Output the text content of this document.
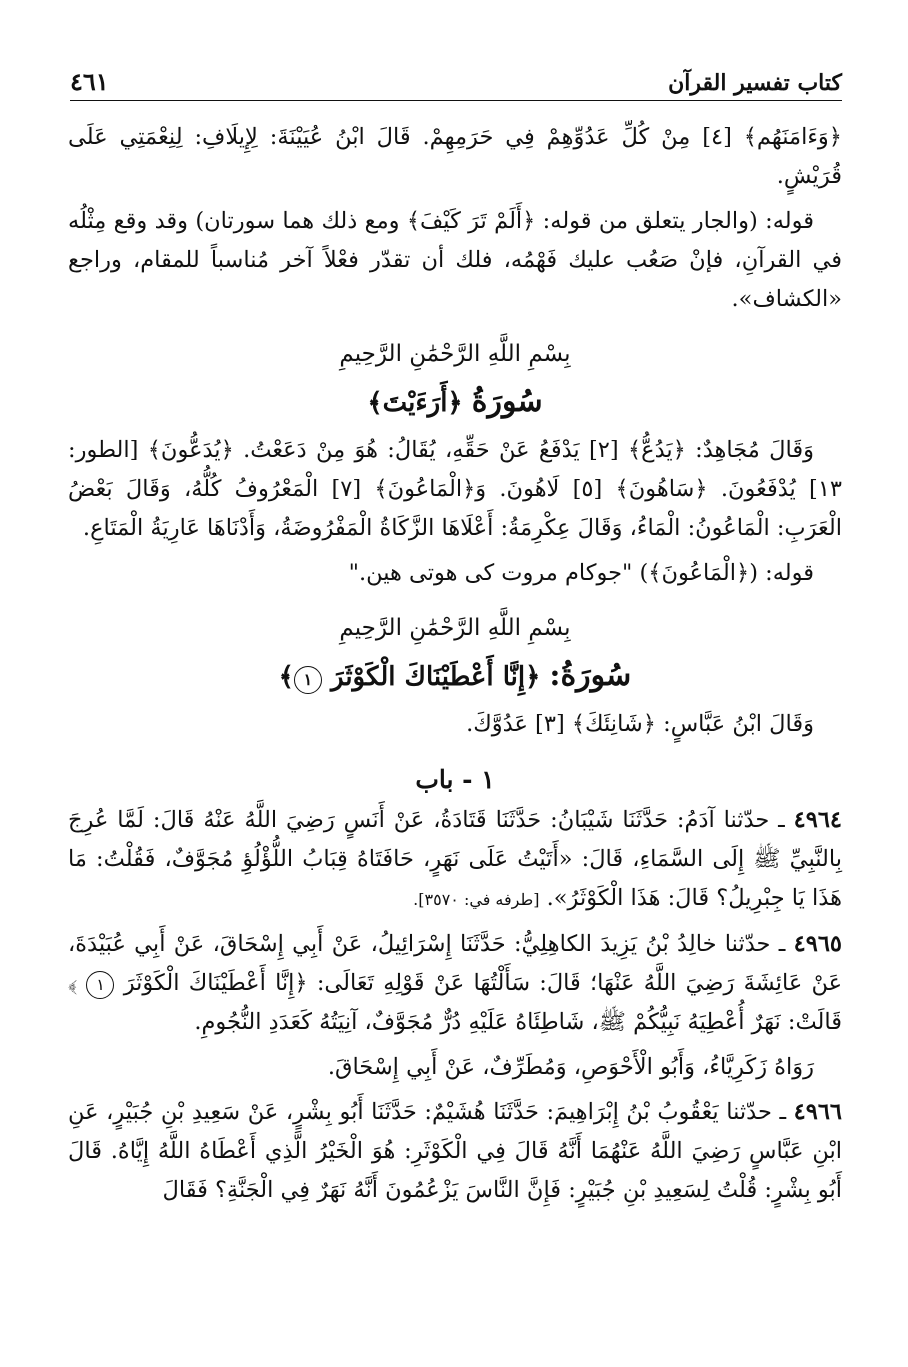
كتاب تفسير القرآن
٤٦١

﴿وَءَامَنَهُم﴾ [٤] مِنْ كُلِّ عَدُوِّهِمْ فِي حَرَمِهِمْ. قَالَ ابْنُ عُيَيْنَةَ: لِإِيلَافِ: لِنِعْمَتِي عَلَى قُرَيْشٍ.

قوله: (والجار يتعلق من قوله: ﴿أَلَمْ تَرَ كَيْفَ﴾ ومع ذلك هما سورتان) وقد وقع مِثْلُه في القرآنِ، فإنْ صَعُب عليك فَهْمُه، فلك أن تقدّر فعْلاً آخر مُناسباً للمقام، وراجع «الكشاف».

بِسْمِ اللَّهِ الرَّحْمَٰنِ الرَّحِيمِ
سُورَةُ ﴿أَرَءَيْتَ﴾

وَقَالَ مُجَاهِدٌ: ﴿يَدُعُّ﴾ [٢] يَدْفَعُ عَنْ حَقِّهِ، يُقَالُ: هُوَ مِنْ دَعَعْتُ. ﴿يُدَعُّونَ﴾ [الطور: ١٣] يُدْفَعُونَ. ﴿سَاهُونَ﴾ [٥] لَاهُونَ. وَ﴿الْمَاعُونَ﴾ [٧] الْمَعْرُوفُ كُلُّهُ، وَقَالَ بَعْضُ الْعَرَبِ: الْمَاعُونُ: الْمَاءُ، وَقَالَ عِكْرِمَةُ: أَعْلَاهَا الزَّكَاةُ الْمَفْرُوضَةُ، وَأَدْنَاهَا عَارِيَةُ الْمَتَاعِ.

قوله: (﴿الْمَاعُونَ﴾) "جوكام مروت كى هوتى هين."

بِسْمِ اللَّهِ الرَّحْمَٰنِ الرَّحِيمِ
سُورَةُ: ﴿إِنَّا أَعْطَيْنَاكَ الْكَوْثَرَ ١﴾

وَقَالَ ابْنُ عَبَّاسٍ: ﴿شَانِئَكَ﴾ [٣] عَدُوَّكَ.

١ - باب

٤٩٦٤ ـ حدّثنا آدَمُ: حَدَّثَنَا شَيْبَانُ: حَدَّثَنَا قَتَادَةُ، عَنْ أَنَسٍ رَضِيَ اللَّهُ عَنْهُ قَالَ: لَمَّا عُرِجَ بِالنَّبِيِّ ﷺ إِلَى السَّمَاءِ، قَالَ: «أَتَيْتُ عَلَى نَهَرٍ، حَافَتَاهُ قِبَابُ اللُّؤْلُؤِ مُجَوَّفٌ، فَقُلْتُ: مَا هَذَا يَا جِبْرِيلُ؟ قَالَ: هَذَا الْكَوْثَرُ». [طرفه في: ٣٥٧٠].

٤٩٦٥ ـ حدّثنا خالِدُ بْنُ يَزِيدَ الكاهِلِيُّ: حَدَّثَنَا إِسْرَائِيلُ، عَنْ أَبِي إِسْحَاقَ، عَنْ أَبِي عُبَيْدَةَ، عَنْ عَائِشَةَ رَضِيَ اللَّهُ عَنْهَا؛ قَالَ: سَأَلْتُهَا عَنْ قَوْلِهِ تَعَالَى: ﴿إِنَّا أَعْطَيْنَاكَ الْكَوْثَرَ ١ ﴾ قَالَتْ: نَهَرٌ أُعْطِيَهُ نَبِيُّكُمْ ﷺ، شَاطِئَاهُ عَلَيْهِ دُرٌّ مُجَوَّفٌ، آنِيَتُهُ كَعَدَدِ النُّجُومِ.

رَوَاهُ زَكَرِيَّاءُ، وَأَبُو الْأَحْوَصِ، وَمُطَرِّفٌ، عَنْ أَبِي إِسْحَاقَ.

٤٩٦٦ ـ حدّثنا يَعْقُوبُ بْنُ إِبْرَاهِيمَ: حَدَّثَنَا هُشَيْمٌ: حَدَّثَنَا أَبُو بِشْرٍ، عَنْ سَعِيدِ بْنِ جُبَيْرٍ، عَنِ ابْنِ عَبَّاسٍ رَضِيَ اللَّهُ عَنْهُمَا أَنَّهُ قَالَ فِي الْكَوْثَرِ: هُوَ الْخَيْرُ الَّذِي أَعْطَاهُ اللَّهُ إِيَّاهُ. قَالَ أَبُو بِشْرٍ: قُلْتُ لِسَعِيدِ بْنِ جُبَيْرٍ: فَإِنَّ النَّاسَ يَزْعُمُونَ أَنَّهُ نَهَرٌ فِي الْجَنَّةِ؟ فَقَالَ
